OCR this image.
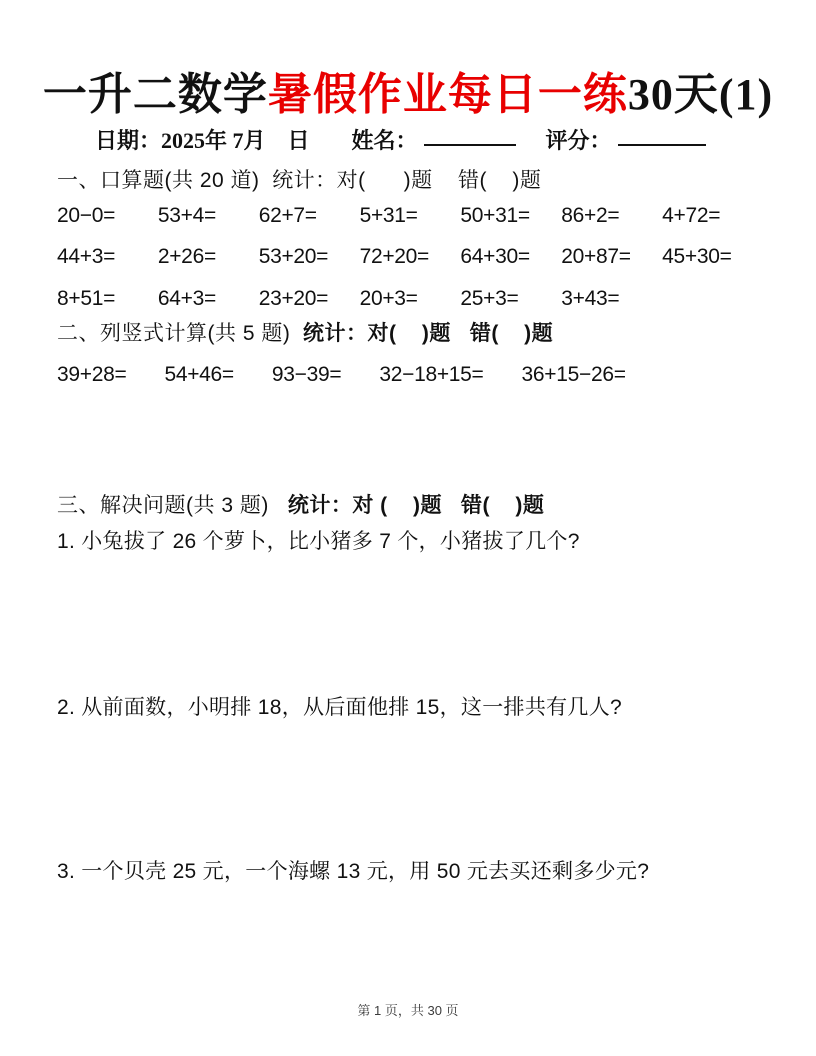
一升二数学暑假作业每日一练30天(1)
日期：2025年 7月    日 姓名：	评分：
一、口算题(共 20 道)  统计：对(      )题    错(    )题
20−0=	53+4=	62+7=	5+31=	50+31=	86+2=	4+72=
44+3=	2+26=	53+20=	72+20=	64+30=	20+87=	45+30=
8+51=	64+3=	23+20=	20+3=	25+3=	3+43=
二、列竖式计算(共 5 题)  统计：对(    )题   错(    )题
39+28= 54+46= 93−39= 32−18+15= 36+15−26=
三、解决问题(共 3 题)   统计：对 (    )题   错(    )题
1. 小兔拔了 26 个萝卜，比小猪多 7 个，小猪拔了几个?
2. 从前面数，小明排 18，从后面他排 15，这一排共有几人?
3. 一个贝壳 25 元，一个海螺 13 元，用 50 元去买还剩多少元?
第 1 页，共 30 页
